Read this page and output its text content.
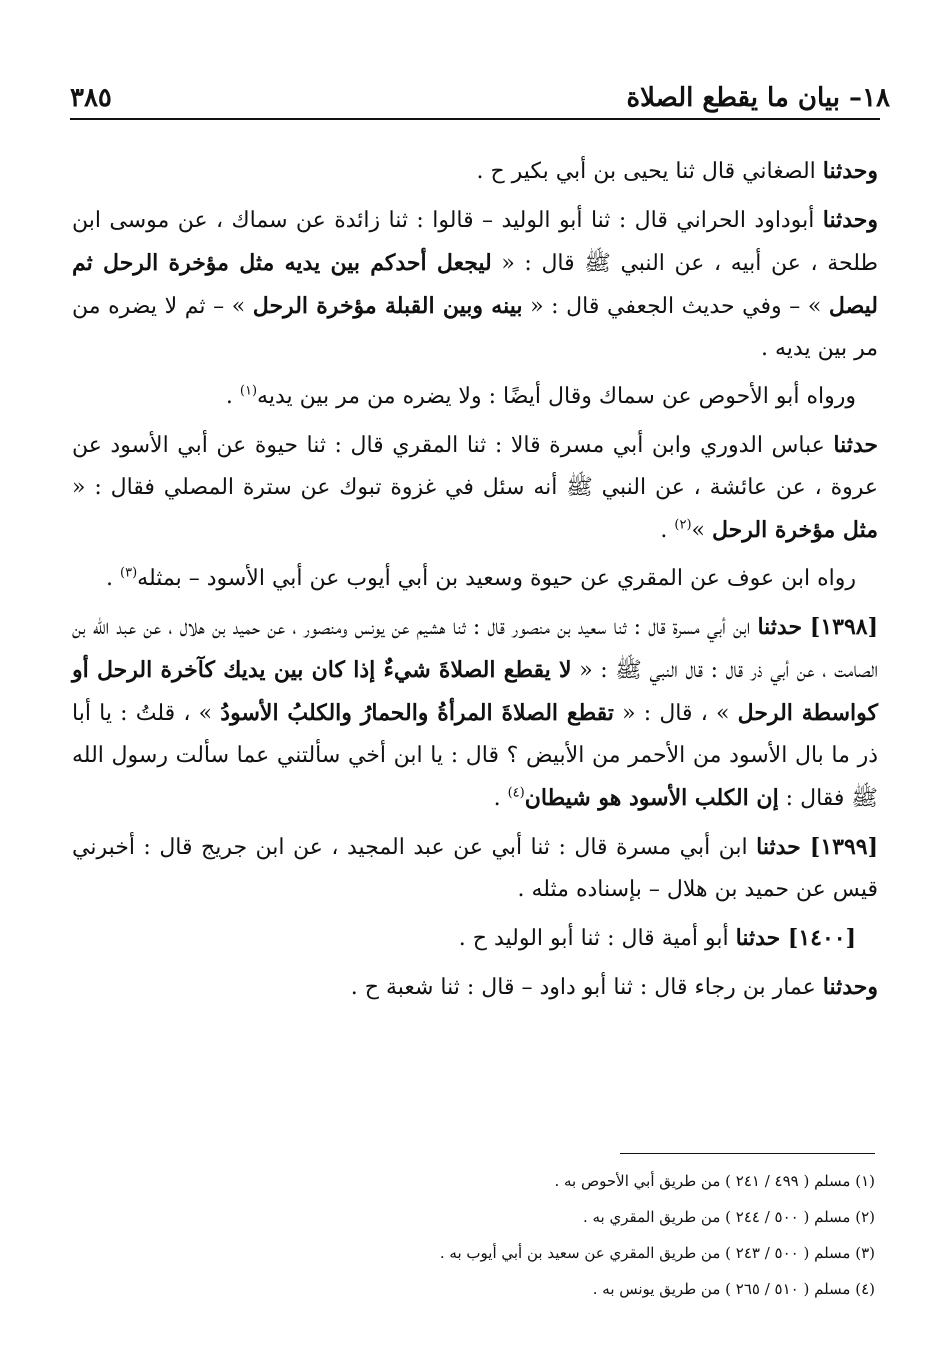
١٨– بيان ما يقطع الصلاة
٣٨٥

وحدثنا الصغاني قال ثنا يحيى بن أبي بكير ح .

وحدثنا أبوداود الحراني قال : ثنا أبو الوليد – قالوا : ثنا زائدة عن سماك ، عن موسى ابن طلحة ، عن أبيه ، عن النبي ﷺ قال : « ليجعل أحدكم بين يديه مثل مؤخرة الرحل ثم ليصل » – وفي حديث الجعفي قال : « بينه وبين القبلة مؤخرة الرحل » – ثم لا يضره من مر بين يديه .

ورواه أبو الأحوص عن سماك وقال أيضًا : ولا يضره من مر بين يديه$^{(١)}$ .

حدثنا عباس الدوري وابن أبي مسرة قالا : ثنا المقري قال : ثنا حيوة عن أبي الأسود عن عروة ، عن عائشة ، عن النبي ﷺ أنه سئل في غزوة تبوك عن سترة المصلي فقال : « مثل مؤخرة الرحل »$^{(٢)}$ .

رواه ابن عوف عن المقري عن حيوة وسعيد بن أبي أيوب عن أبي الأسود – بمثله$^{(٣)}$ .

[١٣٩٨] حدثنا ابن أبي مسرة قال : ثنا سعيد بن منصور قال : ثنا هشيم عن يونس ومنصور ، عن حميد بن هلال ، عن عبد الله بن الصامت ، عن أبي ذر قال : قال النبي ﷺ : « لا يقطع الصلاةَ شيءٌ إذا كان بين يديك كآخرة الرحل أو كواسطة الرحل » ، قال : « تقطع الصلاةَ المرأةُ والحمارُ والكلبُ الأسودُ » ، قلتُ : يا أبا ذر ما بال الأسود من الأحمر من الأبيض ؟ قال : يا ابن أخي سألتني عما سألت رسول الله ﷺ فقال : إن الكلب الأسود هو شيطان$^{(٤)}$ .

[١٣٩٩] حدثنا ابن أبي مسرة قال : ثنا أبي عن عبد المجيد ، عن ابن جريج قال : أخبرني قيس عن حميد بن هلال – بإسناده مثله .

[١٤٠٠] حدثنا أبو أمية قال : ثنا أبو الوليد ح .

وحدثنا عمار بن رجاء قال : ثنا أبو داود – قال : ثنا شعبة ح .

(١) مسلم ( ٤٩٩ / ٢٤١ ) من طريق أبي الأحوص به .

(٢) مسلم ( ٥٠٠ / ٢٤٤ ) من طريق المقري به .

(٣) مسلم ( ٥٠٠ / ٢٤٣ ) من طريق المقري عن سعيد بن أبي أيوب به .

(٤) مسلم ( ٥١٠ / ٢٦٥ ) من طريق يونس به .
